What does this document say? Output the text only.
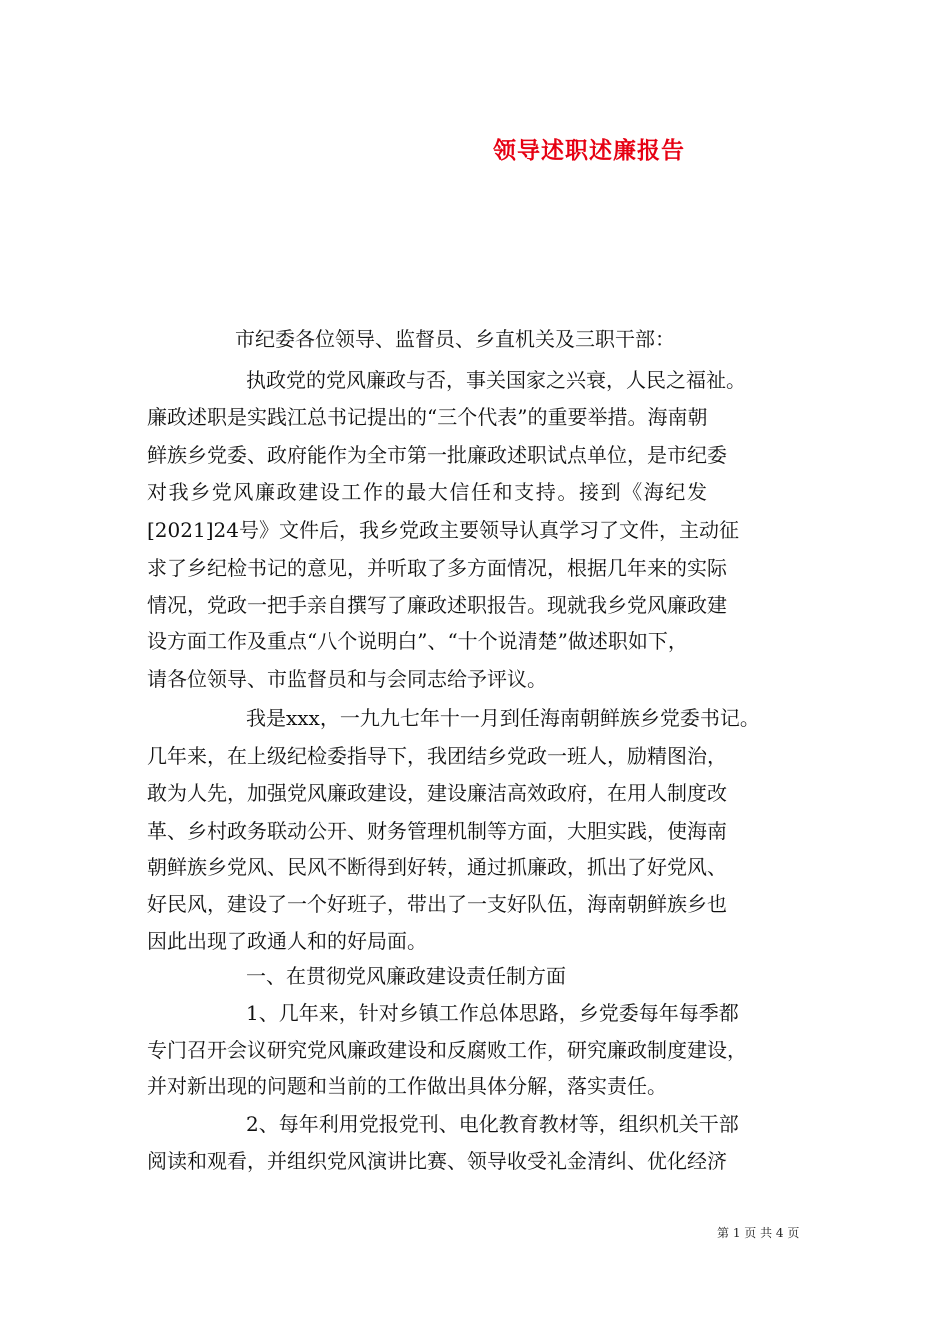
领导述职述廉报告
市纪委各位领导、监督员、乡直机关及三职干部：
执政党的党风廉政与否，事关国家之兴衰，人民之福祉。
廉政述职是实践江总书记提出的“三个代表”的重要举措。海南朝
鲜族乡党委、政府能作为全市第一批廉政述职试点单位，是市纪委
对我乡党风廉政建设工作的最大信任和支持。接到《海纪发
[2021]24号》文件后，我乡党政主要领导认真学习了文件，主动征
求了乡纪检书记的意见，并听取了多方面情况，根据几年来的实际
情况，党政一把手亲自撰写了廉政述职报告。现就我乡党风廉政建
设方面工作及重点“八个说明白”、“十个说清楚”做述职如下，
请各位领导、市监督员和与会同志给予评议。
我是xxx，一九九七年十一月到任海南朝鲜族乡党委书记。
几年来，在上级纪检委指导下，我团结乡党政一班人，励精图治，
敢为人先，加强党风廉政建设，建设廉洁高效政府，在用人制度改
革、乡村政务联动公开、财务管理机制等方面，大胆实践，使海南
朝鲜族乡党风、民风不断得到好转，通过抓廉政，抓出了好党风、
好民风，建设了一个好班子，带出了一支好队伍，海南朝鲜族乡也
因此出现了政通人和的好局面。
一、在贯彻党风廉政建设责任制方面
1、几年来，针对乡镇工作总体思路，乡党委每年每季都
专门召开会议研究党风廉政建设和反腐败工作，研究廉政制度建设，
并对新出现的问题和当前的工作做出具体分解，落实责任。
2、每年利用党报党刊、电化教育教材等，组织机关干部
阅读和观看，并组织党风演讲比赛、领导收受礼金清纠、优化经济
第 1 页 共 4 页
